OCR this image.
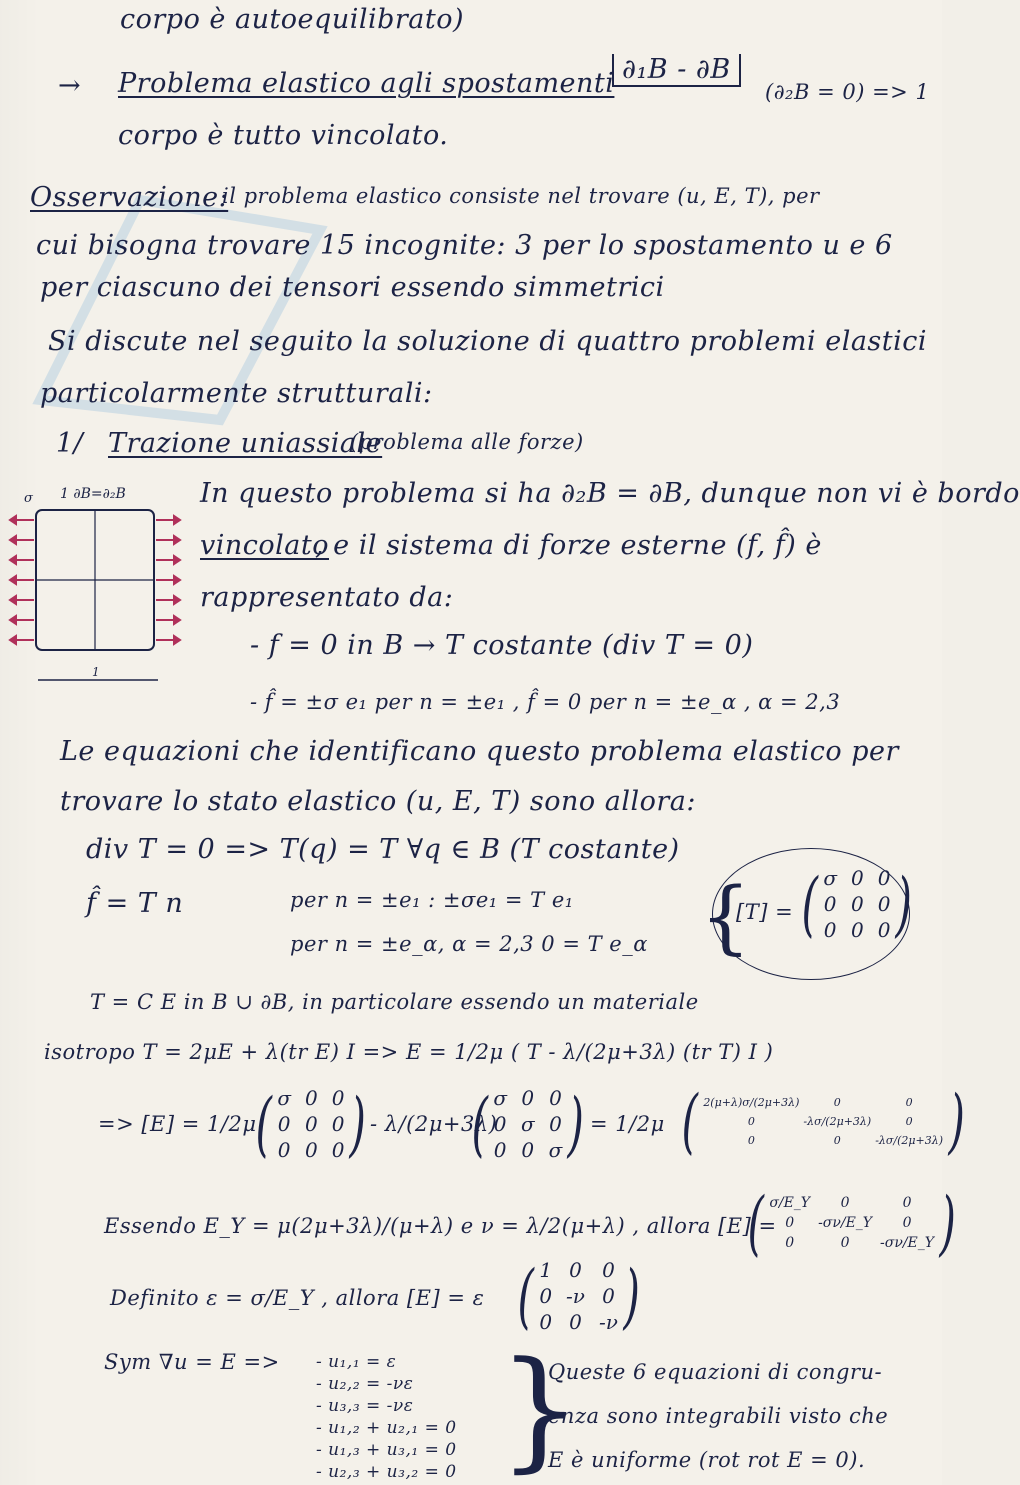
corpo è autoequilibrato)
→ Problema elastico agli spostamenti ∂₁B - ∂B
(∂₂B = 0) => 1
corpo è tutto vincolato.
Osservazione:
il problema elastico consiste nel trovare (u, E, T), per
cui bisogna trovare 15 incognite: 3 per lo spostamento u e 6
per ciascuno dei tensori essendo simmetrici
Si discute nel seguito la soluzione di quattro problemi elastici
particolarmente strutturali:
1/ Trazione uniassiale
(problema alle forze)
1 ∂B=∂₂B
σ
1
In questo problema si ha ∂₂B = ∂B, dunque non vi è bordo
vincolato
, e il sistema di forze esterne (f, f̂) è
rappresentato da:
- f = 0 in B → T costante (div T = 0)
- f̂ = ±σ e₁ per n = ±e₁ , f̂ = 0 per n = ±e_α , α = 2,3
Le equazioni che identificano questo problema elastico per
trovare lo stato elastico (u, E, T) sono allora:
div T = 0 => T(q) = T ∀q ∈ B (T costante)
f̂ = T n	per n = ±e₁ : ±σe₁ = T e₁
per n = ±e_α, α = 2,3 0 = T e_α {
[T] = ( σ 0 0
0 0 0
0 0 0 )
T = C E in B ∪ ∂B, in particolare essendo un materiale
isotropo T = 2μE + λ(tr E) I => E = 1/2μ ( T - λ/(2μ+3λ) (tr T) I )
=> [E] = 1/2μ
( σ 0 0
0 0 0
0 0 0 ) - λ/(2μ+3λ)
( σ 0 0
0 σ 0
0 0 σ ) = 1/2μ ( 2(μ+λ)σ/(2μ+3λ)	0	0
0	-λσ/(2μ+3λ)	0
0	0	-λσ/(2μ+3λ) )
Essendo E_Y = μ(2μ+3λ)/(μ+λ) e ν = λ/2(μ+λ) , allora [E] =
( σ/E_Y	0	0
0	-σν/E_Y	0
0	0	-σν/E_Y )
Definito ε = σ/E_Y , allora [E] = ε ( 1 0 0
0 -ν 0
0 0 -ν )
Sym ∇u = E => - u₁,₁ = ε
- u₂,₂ = -νε
- u₃,₃ = -νε
- u₁,₂ + u₂,₁ = 0
- u₁,₃ + u₃,₁ = 0
- u₂,₃ + u₃,₂ = 0 }
Queste 6 equazioni di congru-
enza sono integrabili visto che
E è uniforme (rot rot E = 0).
